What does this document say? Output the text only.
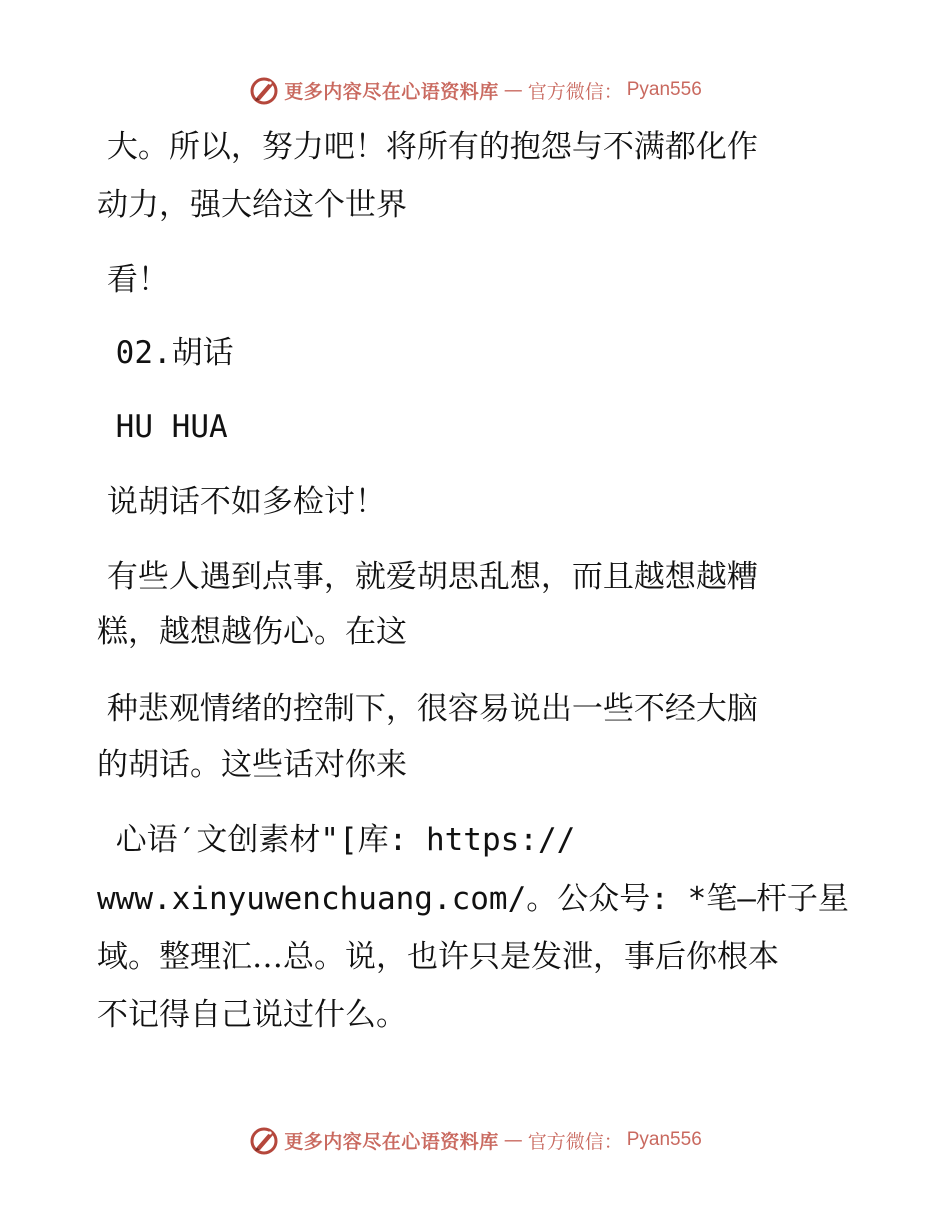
更多内容尽在心语资料库 — 官方微信： Pyan556
大。所以，努力吧！将所有的抱怨与不满都化作
动力，强大给这个世界
看！
02.胡话
HU HUA
说胡话不如多检讨！
有些人遇到点事，就爱胡思乱想，而且越想越糟
糕，越想越伤心。在这
种悲观情绪的控制下，很容易说出一些不经大脑
的胡话。这些话对你来
心语′文创素材"[库: https://
www.xinyuwenchuang.com/。公众号: *笔—杆子星
域。整理汇…总。说，也许只是发泄，事后你根本
不记得自己说过什么。
更多内容尽在心语资料库 — 官方微信： Pyan556
